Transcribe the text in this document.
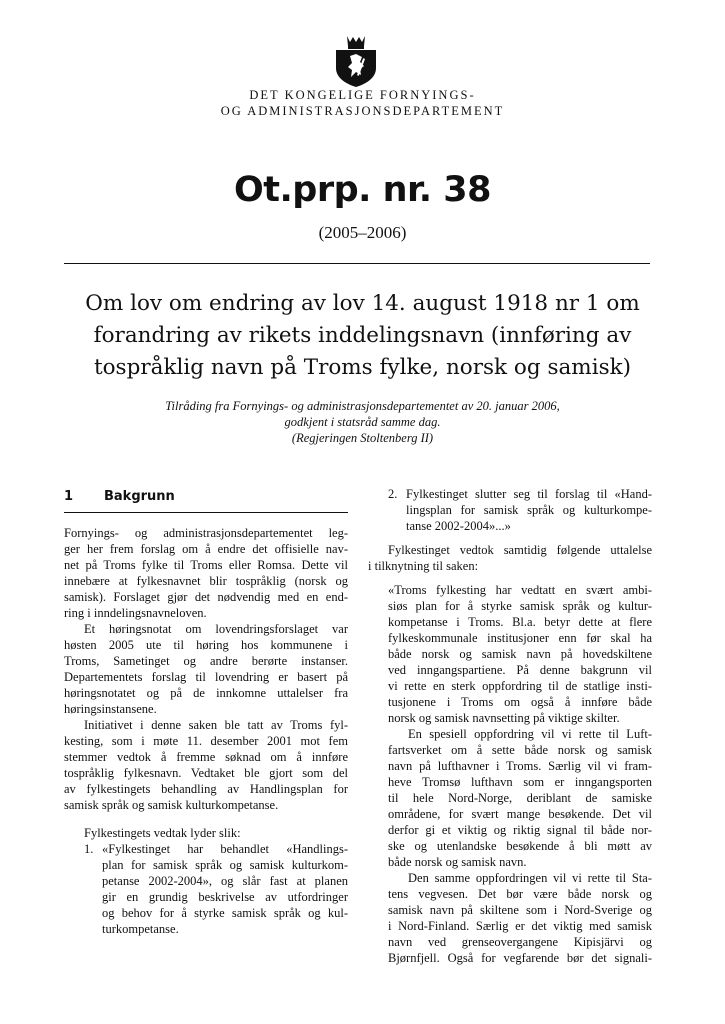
DET KONGELIGE FORNYINGS-
OG ADMINISTRASJONSDEPARTEMENT
Ot.prp. nr. 38
(2005–2006)
Om lov om endring av lov 14. august 1918 nr 1 om
forandring av rikets inddelingsnavn (innføring av
tospråklig navn på Troms fylke, norsk og samisk)
Tilråding fra Fornyings- og administrasjonsdepartementet av 20. januar 2006,
godkjent i statsråd samme dag.
(Regjeringen Stoltenberg II)
1 Bakgrunn
Fornyings- og administrasjonsdepartementet leg-
ger her frem forslag om å endre det offisielle nav-
net på Troms fylke til Troms eller Romsa. Dette vil
innebære at fylkesnavnet blir tospråklig (norsk og
samisk). Forslaget gjør det nødvendig med en end-
ring i inndelingsnavneloven.
Et høringsnotat om lovendringsforslaget var
høsten 2005 ute til høring hos kommunene i
Troms, Sametinget og andre berørte instanser.
Departementets forslag til lovendring er basert på
høringsnotatet og på de innkomne uttalelser fra
høringsinstansene.
Initiativet i denne saken ble tatt av Troms fyl-
kesting, som i møte 11. desember 2001 mot fem
stemmer vedtok å fremme søknad om å innføre
tospråklig fylkesnavn. Vedtaket ble gjort som del
av fylkestingets behandling av Handlingsplan for
samisk språk og samisk kulturkompetanse.
Fylkestingets vedtak lyder slik:
1. «Fylkestinget har behandlet «Handlings-
plan for samisk språk og samisk kulturkom-
petanse 2002-2004», og slår fast at planen
gir en grundig beskrivelse av utfordringer
og behov for å styrke samisk språk og kul-
turkompetanse.
2. Fylkestinget slutter seg til forslag til «Hand-
lingsplan for samisk språk og kulturkompe-
tanse 2002-2004»...»
Fylkestinget vedtok samtidig følgende uttalelse
i tilknytning til saken:
«Troms fylkesting har vedtatt en svært ambi-
siøs plan for å styrke samisk språk og kultur-
kompetanse i Troms. Bl.a. betyr dette at flere
fylkeskommunale institusjoner enn før skal ha
både norsk og samisk navn på hovedskiltene
ved inngangspartiene. På denne bakgrunn vil
vi rette en sterk oppfordring til de statlige insti-
tusjonene i Troms om også å innføre både
norsk og samisk navnsetting på viktige skilter.
En spesiell oppfordring vil vi rette til Luft-
fartsverket om å sette både norsk og samisk
navn på lufthavner i Troms. Særlig vil vi fram-
heve Tromsø lufthavn som er inngangsporten
til hele Nord-Norge, deriblant de samiske
områdene, for svært mange besøkende. Det vil
derfor gi et viktig og riktig signal til både nor-
ske og utenlandske besøkende å bli møtt av
både norsk og samisk navn.
Den samme oppfordringen vil vi rette til Sta-
tens vegvesen. Det bør være både norsk og
samisk navn på skiltene som i Nord-Sverige og
i Nord-Finland. Særlig er det viktig med samisk
navn ved grenseovergangene Kipisjärvi og
Bjørnfjell. Også for vegfarende bør det signali-
